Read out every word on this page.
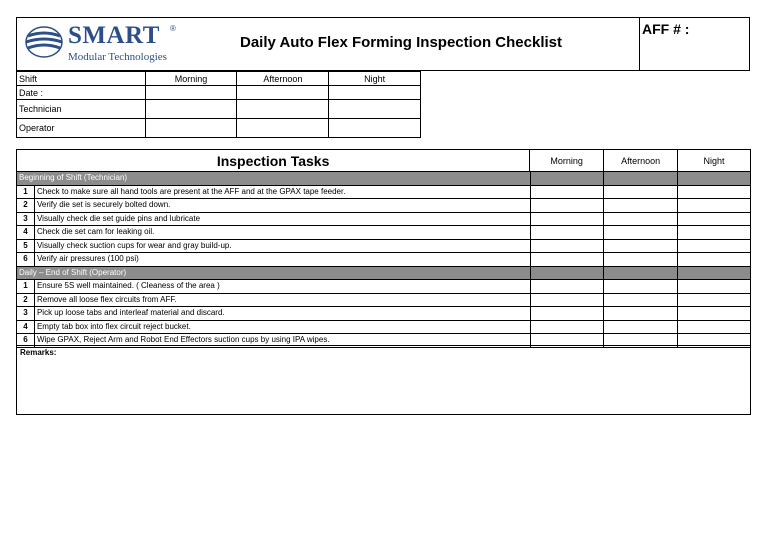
SMART ®
Modular Technologies
Daily Auto Flex Forming Inspection Checklist
AFF # :
Shift	Morning	Afternoon	Night
Date :			
Technician			
Operator			
Inspection Tasks	Morning	Afternoon	Night
Beginning of Shift (Technician)				
1	Check to make sure all hand tools are present at the AFF and at the GPAX tape feeder.			
2	Verify die set is securely bolted down.			
3	Visually check die set guide pins and lubricate			
4	Check die set cam for leaking oil.			
5	Visually check suction cups for wear and gray build-up.			
6	Verify air pressures (100 psi)			
Daily – End of Shift (Operator)				
1	Ensure 5S well maintained. ( Cleaness of the area )			
2	Remove all loose flex circuits from AFF.			
3	Pick up loose tabs and interleaf material and discard.			
4	Empty tab box into flex circuit reject bucket.			
6	Wipe GPAX, Reject Arm and Robot End Effectors suction cups by using IPA wipes.			
Remarks:
